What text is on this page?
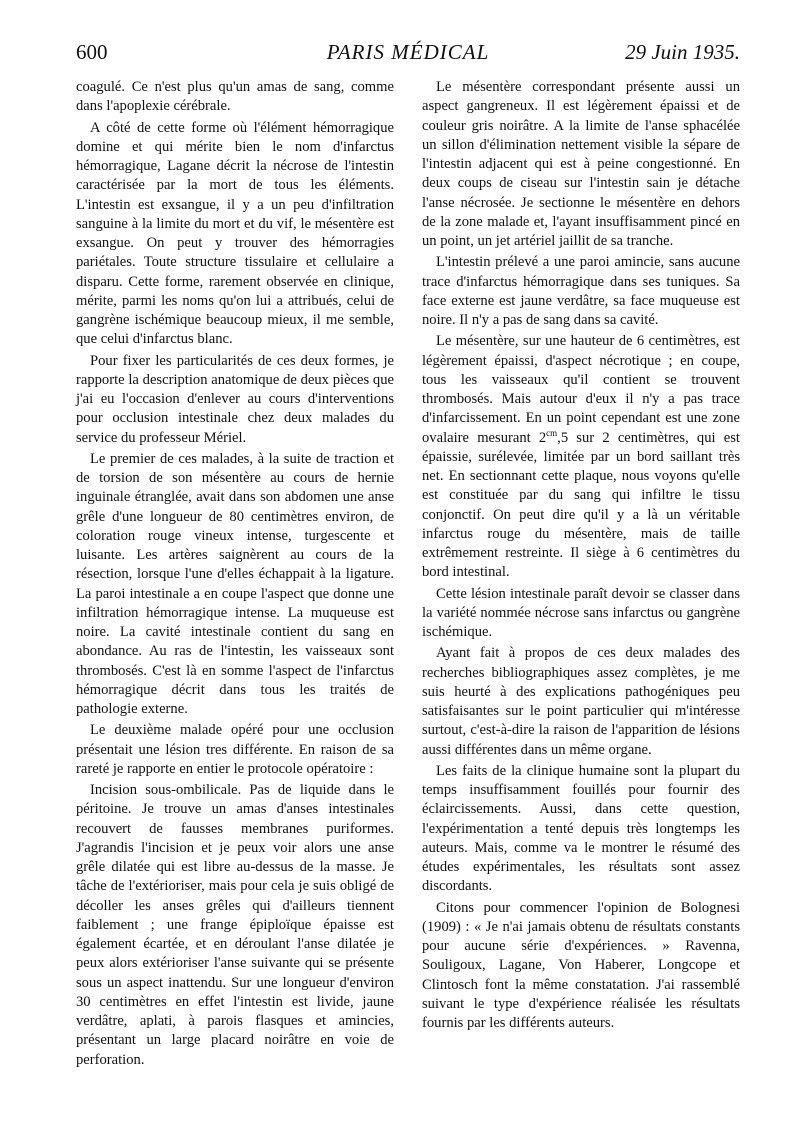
600	PARIS MÉDICAL	29 Juin 1935.

coagulé. Ce n'est plus qu'un amas de sang, comme dans l'apoplexie cérébrale.

A côté de cette forme où l'élément hémorragique domine et qui mérite bien le nom d'infarctus hémorragique, Lagane décrit la nécrose de l'intestin caractérisée par la mort de tous les éléments. L'intestin est exsangue, il y a un peu d'infiltration sanguine à la limite du mort et du vif, le mésentère est exsangue. On peut y trouver des hémorragies pariétales. Toute structure tissulaire et cellulaire a disparu. Cette forme, rarement observée en clinique, mérite, parmi les noms qu'on lui a attribués, celui de gangrène ischémique beaucoup mieux, il me semble, que celui d'infarctus blanc.

Pour fixer les particularités de ces deux formes, je rapporte la description anatomique de deux pièces que j'ai eu l'occasion d'enlever au cours d'interventions pour occlusion intestinale chez deux malades du service du professeur Mériel.

Le premier de ces malades, à la suite de traction et de torsion de son mésentère au cours de hernie inguinale étranglée, avait dans son abdomen une anse grêle d'une longueur de 80 centimètres environ, de coloration rouge vineux intense, turgescente et luisante. Les artères saignèrent au cours de la résection, lorsque l'une d'elles échappait à la ligature. La paroi intestinale a en coupe l'aspect que donne une infiltration hémorragique intense. La muqueuse est noire. La cavité intestinale contient du sang en abondance. Au ras de l'intestin, les vaisseaux sont thrombosés. C'est là en somme l'aspect de l'infarctus hémorragique décrit dans tous les traités de pathologie externe.

Le deuxième malade opéré pour une occlusion présentait une lésion tres différente. En raison de sa rareté je rapporte en entier le protocole opératoire :

Incision sous-ombilicale. Pas de liquide dans le péritoine. Je trouve un amas d'anses intestinales recouvert de fausses membranes puriformes. J'agrandis l'incision et je peux voir alors une anse grêle dilatée qui est libre au-dessus de la masse. Je tâche de l'extérioriser, mais pour cela je suis obligé de décoller les anses grêles qui d'ailleurs tiennent faiblement ; une frange épiploïque épaisse est également écartée, et en déroulant l'anse dilatée je peux alors extérioriser l'anse suivante qui se présente sous un aspect inattendu. Sur une longueur d'environ 30 centimètres en effet l'intestin est livide, jaune verdâtre, aplati, à parois flasques et amincies, présentant un large placard noirâtre en voie de perforation.

Le mésentère correspondant présente aussi un aspect gangreneux. Il est légèrement épaissi et de couleur gris noirâtre. A la limite de l'anse sphacélée un sillon d'élimination nettement visible la sépare de l'intestin adjacent qui est à peine congestionné. En deux coups de ciseau sur l'intestin sain je détache l'anse nécrosée. Je sectionne le mésentère en dehors de la zone malade et, l'ayant insuffisamment pincé en un point, un jet artériel jaillit de sa tranche.

L'intestin prélevé a une paroi amincie, sans aucune trace d'infarctus hémorragique dans ses tuniques. Sa face externe est jaune verdâtre, sa face muqueuse est noire. Il n'y a pas de sang dans sa cavité.

Le mésentère, sur une hauteur de 6 centimètres, est légèrement épaissi, d'aspect nécrotique ; en coupe, tous les vaisseaux qu'il contient se trouvent thrombosés. Mais autour d'eux il n'y a pas trace d'infarcissement. En un point cependant est une zone ovalaire mesurant $2^{cm},5$ sur 2 centimètres, qui est épaissie, surélevée, limitée par un bord saillant très net. En sectionnant cette plaque, nous voyons qu'elle est constituée par du sang qui infiltre le tissu conjonctif. On peut dire qu'il y a là un véritable infarctus rouge du mésentère, mais de taille extrêmement restreinte. Il siège à 6 centimètres du bord intestinal.

Cette lésion intestinale paraît devoir se classer dans la variété nommée nécrose sans infarctus ou gangrène ischémique.

Ayant fait à propos de ces deux malades des recherches bibliographiques assez complètes, je me suis heurté à des explications pathogéniques peu satisfaisantes sur le point particulier qui m'intéresse surtout, c'est-à-dire la raison de l'apparition de lésions aussi différentes dans un même organe.

Les faits de la clinique humaine sont la plupart du temps insuffisamment fouillés pour fournir des éclaircissements. Aussi, dans cette question, l'expérimentation a tenté depuis très longtemps les auteurs. Mais, comme va le montrer le résumé des études expérimentales, les résultats sont assez discordants.

Citons pour commencer l'opinion de Bolognesi (1909) : « Je n'ai jamais obtenu de résultats constants pour aucune série d'expériences. » Ravenna, Souligoux, Lagane, Von Haberer, Longcope et Clintosch font la même constatation. J'ai rassemblé suivant le type d'expérience réalisée les résultats fournis par les différents auteurs.
